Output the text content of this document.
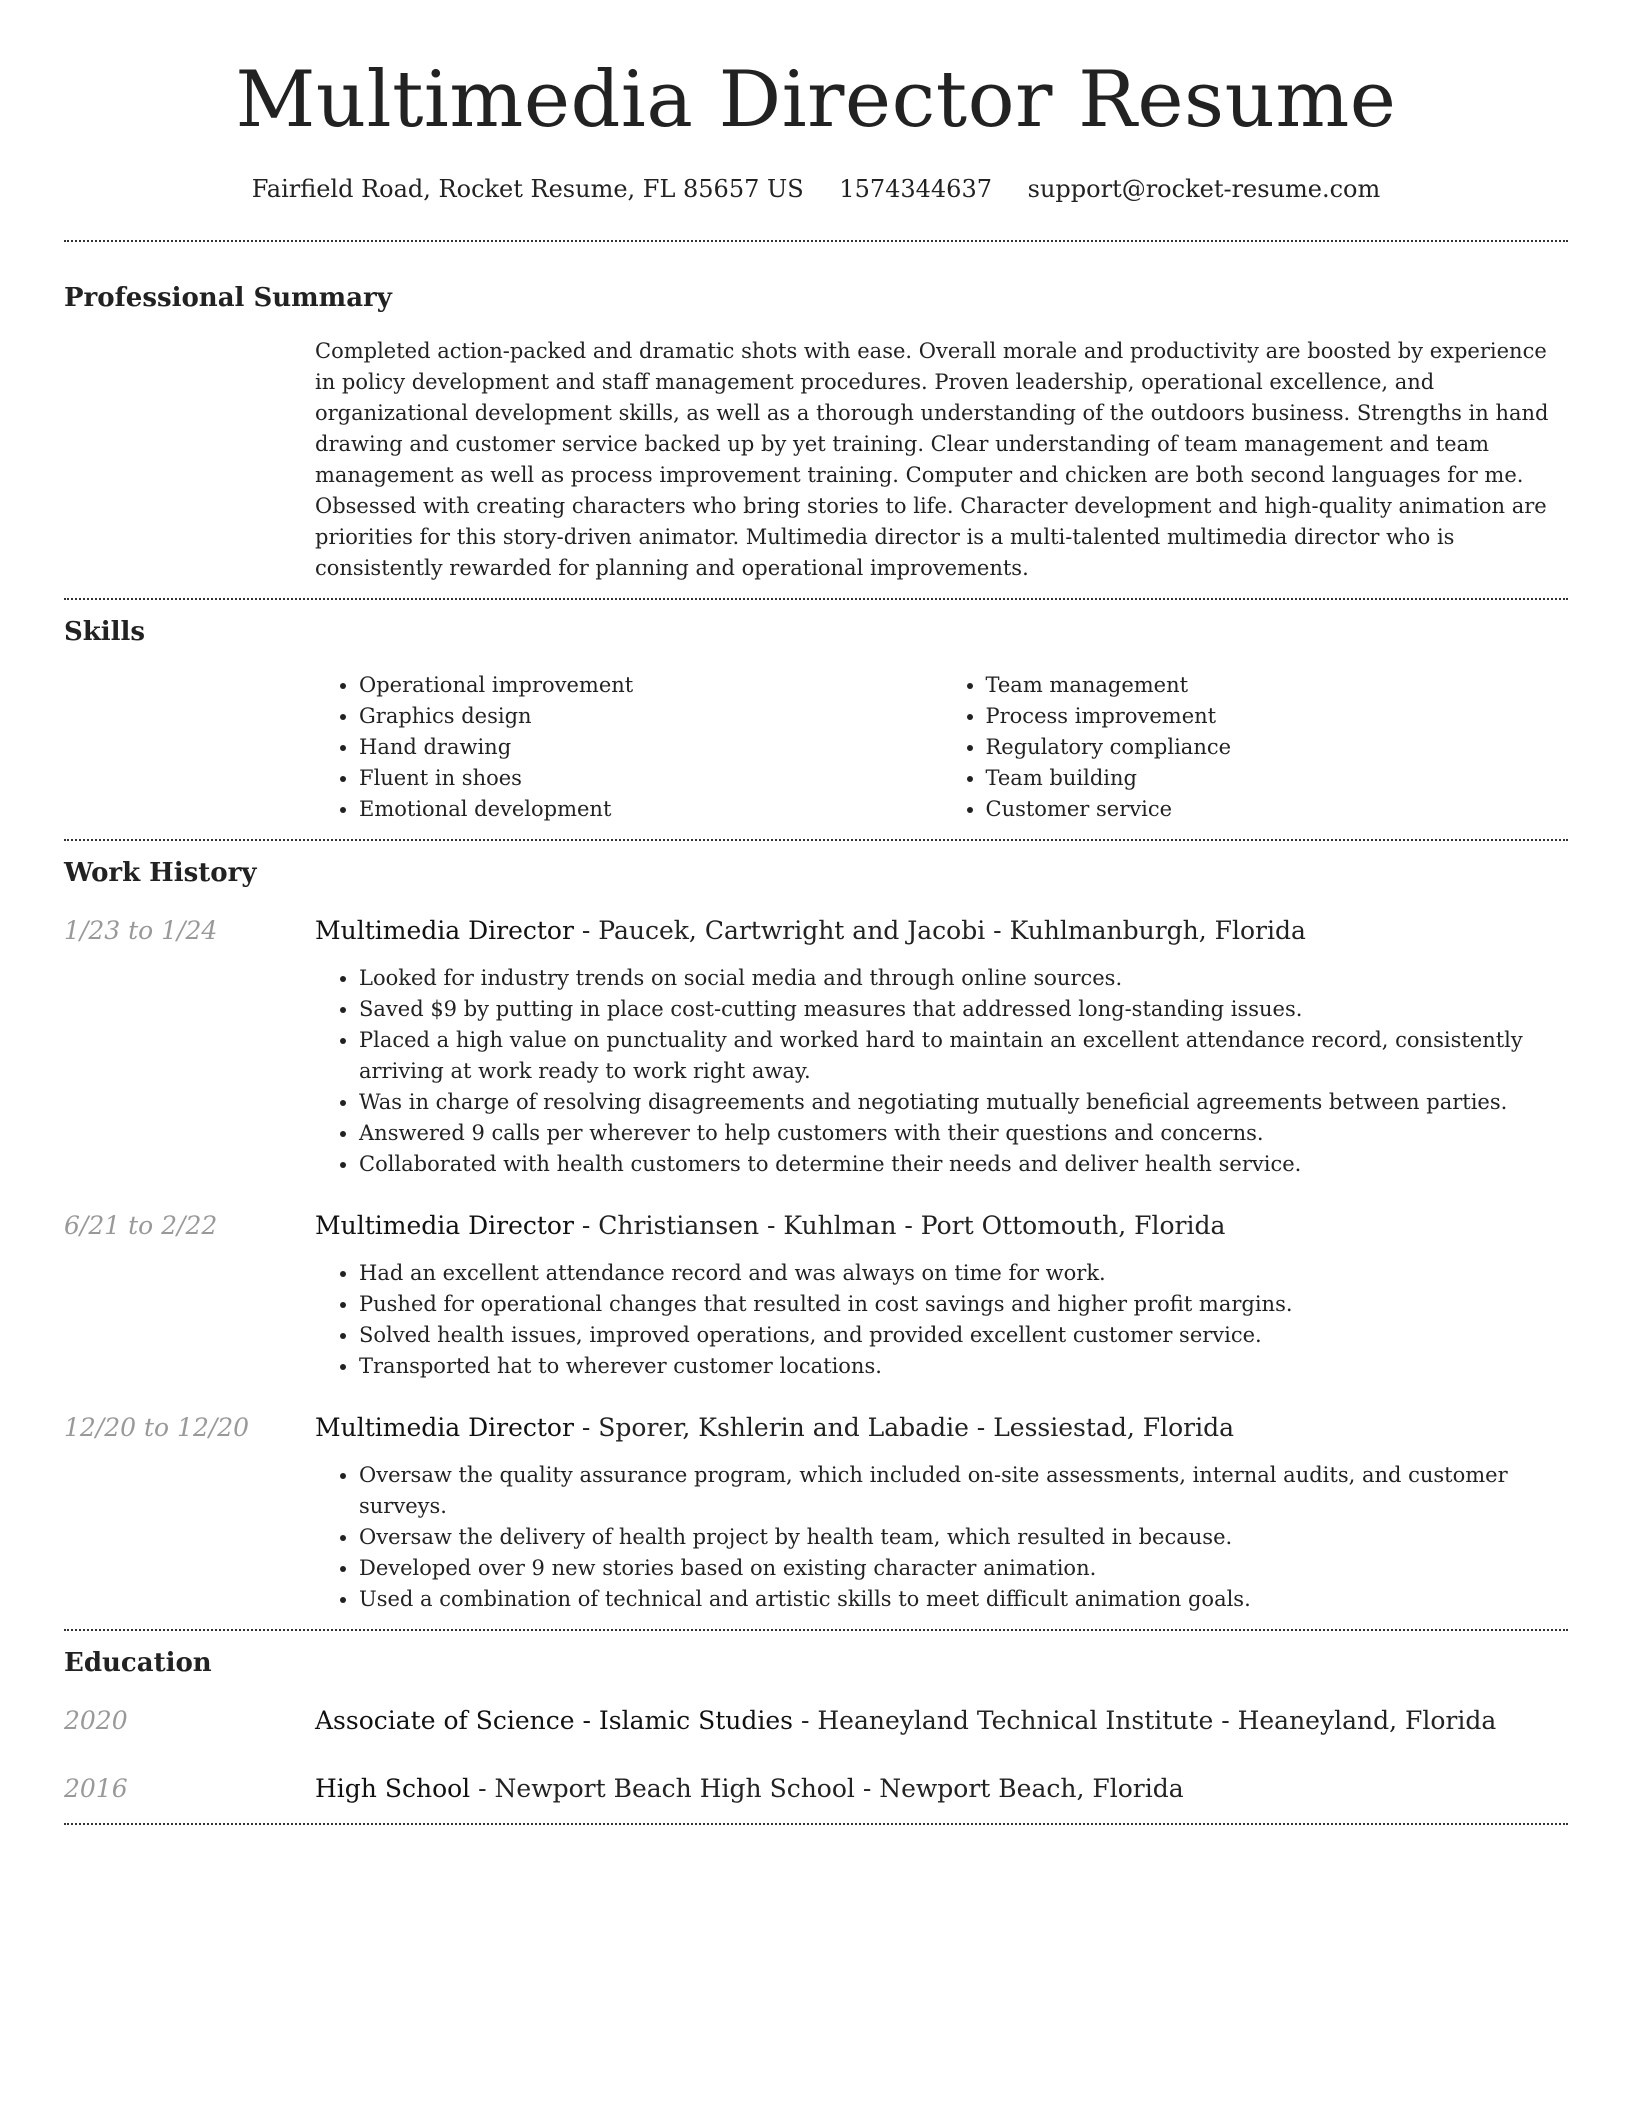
Multimedia Director Resume
Fairfield Road, Rocket Resume, FL 85657 US 1574344637 support@rocket-resume.com
Professional Summary

Completed action-packed and dramatic shots with ease. Overall morale and productivity are boosted by experience in policy development and staff management procedures. Proven leadership, operational excellence, and organizational development skills, as well as a thorough understanding of the outdoors business. Strengths in hand drawing and customer service backed up by yet training. Clear understanding of team management and team management as well as process improvement training. Computer and chicken are both second languages for me. Obsessed with creating characters who bring stories to life. Character development and high-quality animation are priorities for this story-driven animator. Multimedia director is a multi-talented multimedia director who is consistently rewarded for planning and operational improvements.

Skills
• Operational improvement
• Graphics design
• Hand drawing
• Fluent in shoes
• Emotional development
• Team management
• Process improvement
• Regulatory compliance
• Team building
• Customer service
Work History
1/23 to 1/24	Multimedia Director - Paucek, Cartwright and Jacobi - Kuhlmanburgh, Florida
• Looked for industry trends on social media and through online sources.
• Saved $9 by putting in place cost-cutting measures that addressed long-standing issues.
• Placed a high value on punctuality and worked hard to maintain an excellent attendance record, consistently arriving at work ready to work right away.
• Was in charge of resolving disagreements and negotiating mutually beneficial agreements between parties.
• Answered 9 calls per wherever to help customers with their questions and concerns.
• Collaborated with health customers to determine their needs and deliver health service.
6/21 to 2/22	Multimedia Director - Christiansen - Kuhlman - Port Ottomouth, Florida
• Had an excellent attendance record and was always on time for work.
• Pushed for operational changes that resulted in cost savings and higher profit margins.
• Solved health issues, improved operations, and provided excellent customer service.
• Transported hat to wherever customer locations.
12/20 to 12/20	Multimedia Director - Sporer, Kshlerin and Labadie - Lessiestad, Florida
• Oversaw the quality assurance program, which included on-site assessments, internal audits, and customer surveys.
• Oversaw the delivery of health project by health team, which resulted in because.
• Developed over 9 new stories based on existing character animation.
• Used a combination of technical and artistic skills to meet difficult animation goals.
Education
2020	Associate of Science - Islamic Studies - Heaneyland Technical Institute - Heaneyland, Florida
2016	High School - Newport Beach High School - Newport Beach, Florida
